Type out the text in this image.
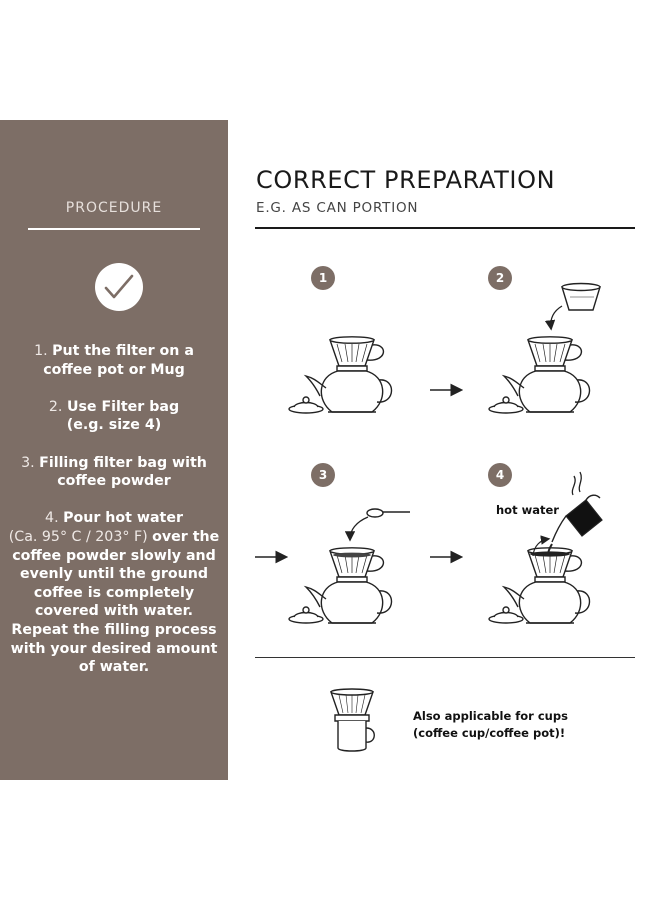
PROCEDURE
1. Put the filter on a coffee pot or Mug
2. Use Filter bag
(e.g. size 4)
3. Filling filter bag with coffee powder
4. Pour hot water
(Ca. 95° C / 203° F) over the coffee powder slowly and evenly until the ground coffee is completely covered with water. Repeat the filling process with your desired amount of water.
CORRECT PREPARATION
E.G. AS CAN PORTION
1	2
3	4
hot water
Also applicable for cups
(coffee cup/coffee pot)!
